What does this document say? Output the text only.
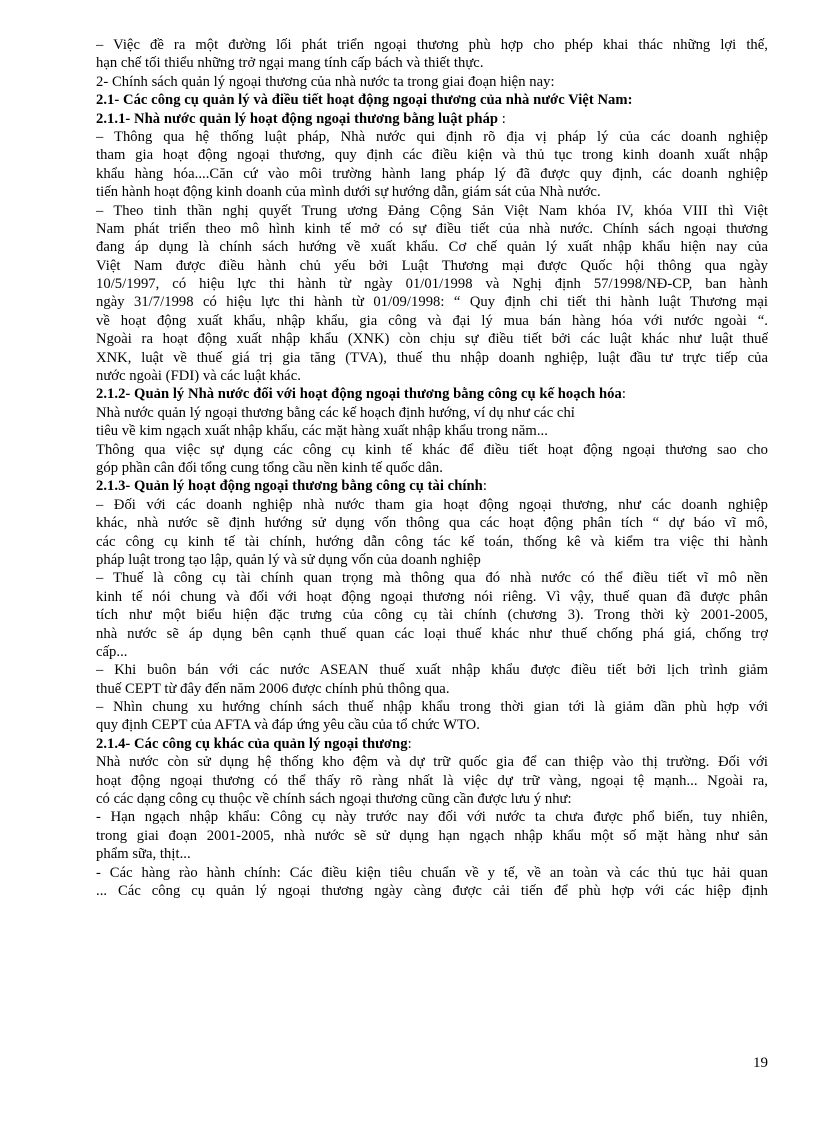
– Việc đề ra một đường lối phát triển ngoại thương phù hợp cho phép khai thác những lợi thế,
hạn chế tối thiểu những trở ngại mang tính cấp bách và thiết thực.
2- Chính sách quản lý ngoại thương của nhà nước ta trong giai đoạn hiện nay:
2.1- Các công cụ quản lý và điều tiết hoạt động ngoại thương của nhà nước Việt Nam:
2.1.1- Nhà nước quản lý hoạt động ngoại thương bằng luật pháp :
– Thông qua hệ thống luật pháp, Nhà nước qui định rõ địa vị pháp lý của các doanh nghiệp
tham gia hoạt động ngoại thương, quy định các điều kiện và thủ tục trong kinh doanh xuất nhập
khẩu hàng hóa....Căn cứ vào môi trường hành lang pháp lý đã được quy định, các doanh nghiệp
tiến hành hoạt động kinh doanh của mình dưới sự hướng dẫn, giám sát của Nhà nước.
– Theo tinh thần nghị quyết Trung ương Đảng Cộng Sản Việt Nam khóa IV, khóa VIII thì Việt
Nam phát triển theo mô hình kinh tế mở có sự điều tiết của nhà nước. Chính sách ngoại thương
đang áp dụng là chính sách hướng về xuất khẩu. Cơ chế quản lý xuất nhập khẩu hiện nay của
Việt Nam được điều hành chủ yếu bởi Luật Thương mại được Quốc hội thông qua ngày
10/5/1997, có hiệu lực thi hành từ ngày 01/01/1998 và Nghị định 57/1998/NĐ-CP, ban hành
ngày 31/7/1998 có hiệu lực thi hành từ 01/09/1998: “ Quy định chi tiết thi hành luật Thương mại
về hoạt động xuất khẩu, nhập khẩu, gia công và đại lý mua bán hàng hóa với nước ngoài “.
Ngoài ra hoạt động xuất nhập khẩu (XNK) còn chịu sự điều tiết bởi các luật khác như luật thuế
XNK, luật về thuế giá trị gia tăng (TVA), thuế thu nhập doanh nghiệp, luật đầu tư trực tiếp của
nước ngoài (FDI) và các luật khác.
2.1.2- Quản lý Nhà nước đối với hoạt động ngoại thương bằng công cụ kế hoạch hóa:
Nhà nước quản lý ngoại thương bằng các kế hoạch định hướng, ví dụ như các chỉ
tiêu về kim ngạch xuất nhập khẩu, các mặt hàng xuất nhập khẩu trong năm...
Thông qua việc sự dụng các công cụ kinh tế khác để điều tiết hoạt động ngoại thương sao cho
góp phần cân đối tổng cung tổng cầu nền kinh tế quốc dân.
2.1.3- Quản lý hoạt động ngoại thương bằng công cụ tài chính:
– Đối với các doanh nghiệp nhà nước tham gia hoạt động ngoại thương, như các doanh nghiệp
khác, nhà nước sẽ định hướng sử dụng vốn thông qua các hoạt động phân tích “ dự báo vĩ mô,
các công cụ kinh tế tài chính, hướng dẫn công tác kế toán, thống kê và kiểm tra việc thi hành
pháp luật trong tạo lập, quản lý và sử dụng vốn của doanh nghiệp
– Thuế là công cụ tài chính quan trọng mà thông qua đó nhà nước có thể điều tiết vĩ mô nền
kinh tế nói chung và đối với hoạt động ngoại thương nói riêng. Vì vậy, thuế quan đã được phân
tích như một biểu hiện đặc trưng của công cụ tài chính (chương 3). Trong thời kỳ 2001-2005,
nhà nước sẽ áp dụng bên cạnh thuế quan các loại thuế khác như thuế chống phá giá, chống trợ
cấp...
– Khi buôn bán với các nước ASEAN thuế xuất nhập khẩu được điều tiết bởi lịch trình giảm
thuế CEPT từ đây đến năm 2006 được chính phủ thông qua.
– Nhìn chung xu hướng chính sách thuế nhập khẩu trong thời gian tới là giảm dần phù hợp với
quy định CEPT của AFTA và đáp ứng yêu cầu của tổ chức WTO.
2.1.4- Các công cụ khác của quản lý ngoại thương:
Nhà nước còn sử dụng hệ thống kho đệm và dự trữ quốc gia để can thiệp vào thị trường. Đối với
hoạt động ngoại thương có thể thấy rõ ràng nhất là việc dự trữ vàng, ngoại tệ mạnh... Ngoài ra,
có các dạng công cụ thuộc về chính sách ngoại thương cũng cần được lưu ý như:
- Hạn ngạch nhập khẩu: Công cụ này trước nay đối với nước ta chưa được phổ biến, tuy nhiên,
trong giai đoạn 2001-2005, nhà nước sẽ sử dụng hạn ngạch nhập khẩu một số mặt hàng như sản
phẩm sữa, thịt...
- Các hàng rào hành chính: Các điều kiện tiêu chuẩn về y tế, về an toàn và các thủ tục hải quan
... Các công cụ quản lý ngoại thương ngày càng được cải tiến để phù hợp với các hiệp định
19
